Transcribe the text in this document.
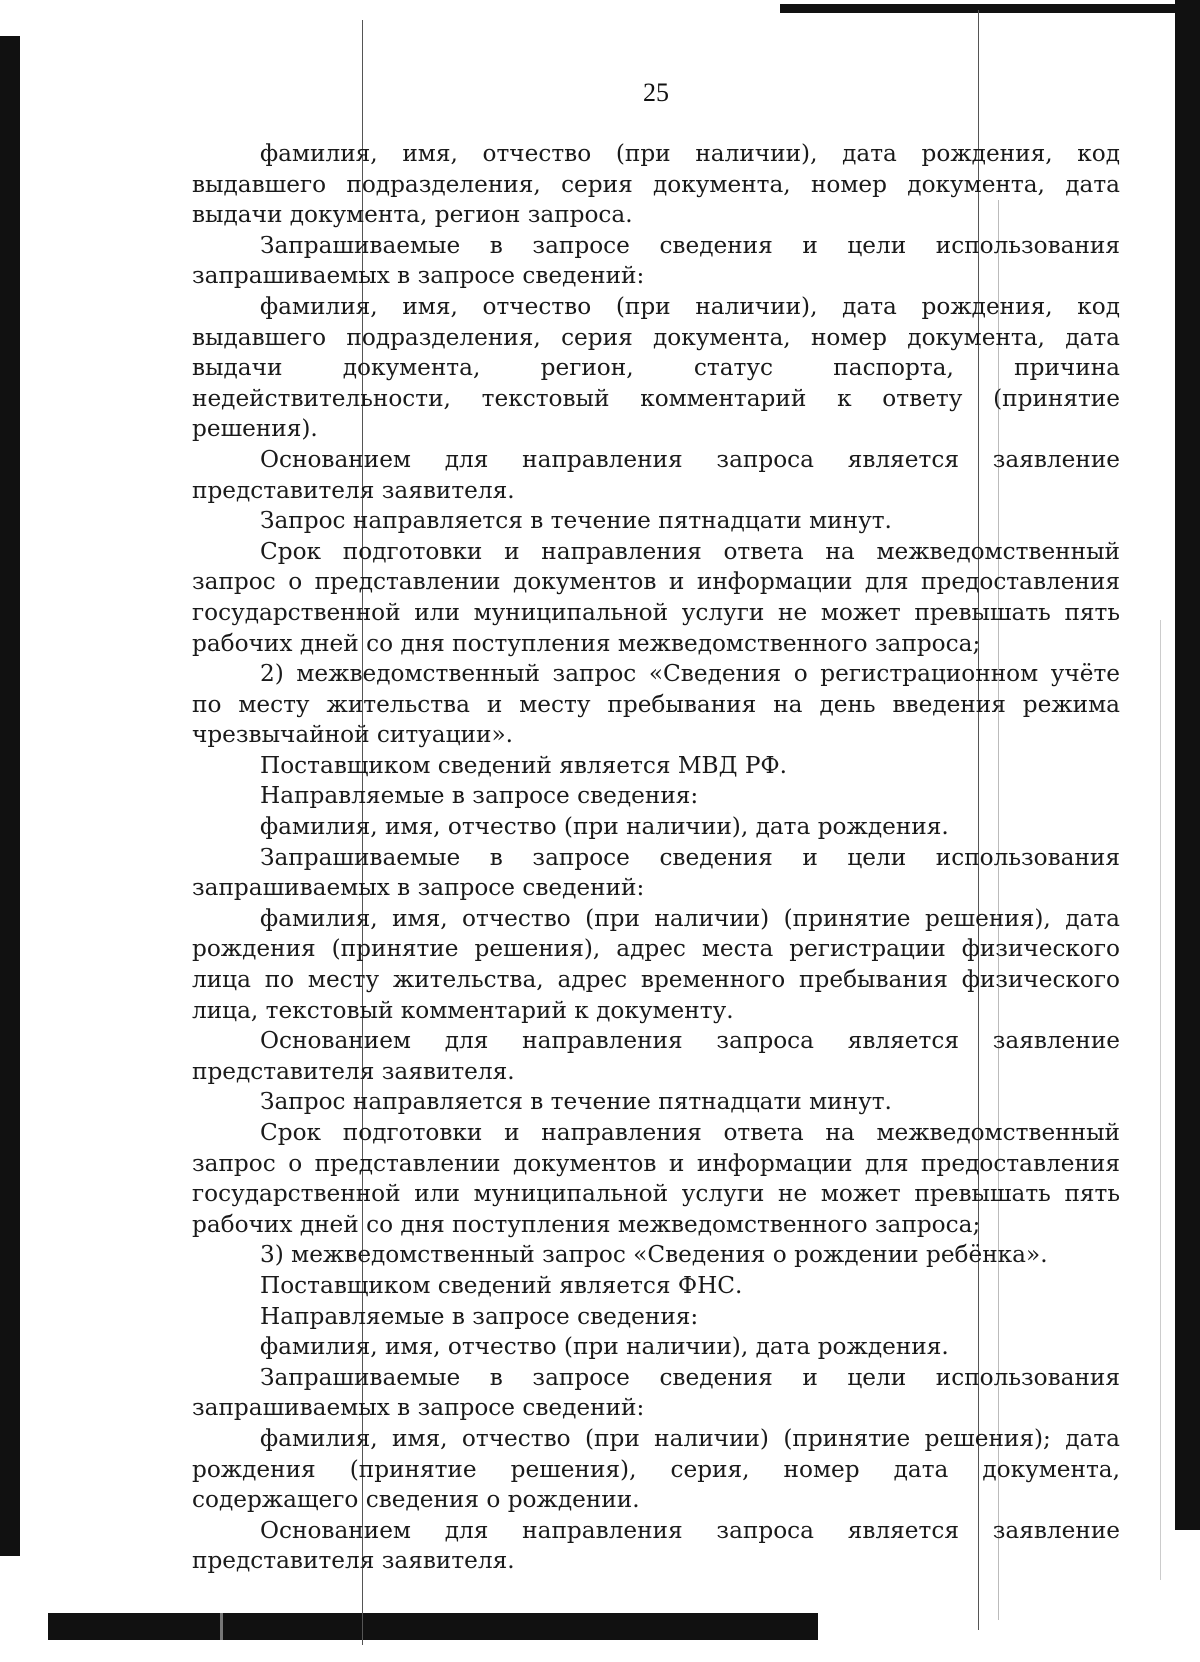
25

фамилия, имя, отчество (при наличии), дата рождения, код выдавшего подразделения, серия документа, номер документа, дата выдачи документа, регион запроса.

Запрашиваемые в запросе сведения и цели использования запрашиваемых в запросе сведений:

фамилия, имя, отчество (при наличии), дата рождения, код выдавшего подразделения, серия документа, номер документа, дата выдачи документа, регион, статус паспорта, причина недействительности, текстовый комментарий к ответу (принятие решения).

Основанием для направления запроса является заявление представителя заявителя.

Запрос направляется в течение пятнадцати минут.

Срок подготовки и направления ответа на межведомственный запрос о представлении документов и информации для предоставления государственной или муниципальной услуги не может превышать пять рабочих дней со дня поступления межведомственного запроса;

2) межведомственный запрос «Сведения о регистрационном учёте по месту жительства и месту пребывания на день введения режима чрезвычайной ситуации».

Поставщиком сведений является МВД РФ.

Направляемые в запросе сведения:

фамилия, имя, отчество (при наличии), дата рождения.

Запрашиваемые в запросе сведения и цели использования запрашиваемых в запросе сведений:

фамилия, имя, отчество (при наличии) (принятие решения), дата рождения (принятие решения), адрес места регистрации физического лица по месту жительства, адрес временного пребывания физического лица, текстовый комментарий к документу.

Основанием для направления запроса является заявление представителя заявителя.

Запрос направляется в течение пятнадцати минут.

Срок подготовки и направления ответа на межведомственный запрос о представлении документов и информации для предоставления государственной или муниципальной услуги не может превышать пять рабочих дней со дня поступления межведомственного запроса;

3) межведомственный запрос «Сведения о рождении ребёнка».

Поставщиком сведений является ФНС.

Направляемые в запросе сведения:

фамилия, имя, отчество (при наличии), дата рождения.

Запрашиваемые в запросе сведения и цели использования запрашиваемых в запросе сведений:

фамилия, имя, отчество (при наличии) (принятие решения); дата рождения (принятие решения), серия, номер дата документа, содержащего сведения о рождении.

Основанием для направления запроса является заявление представителя заявителя.
